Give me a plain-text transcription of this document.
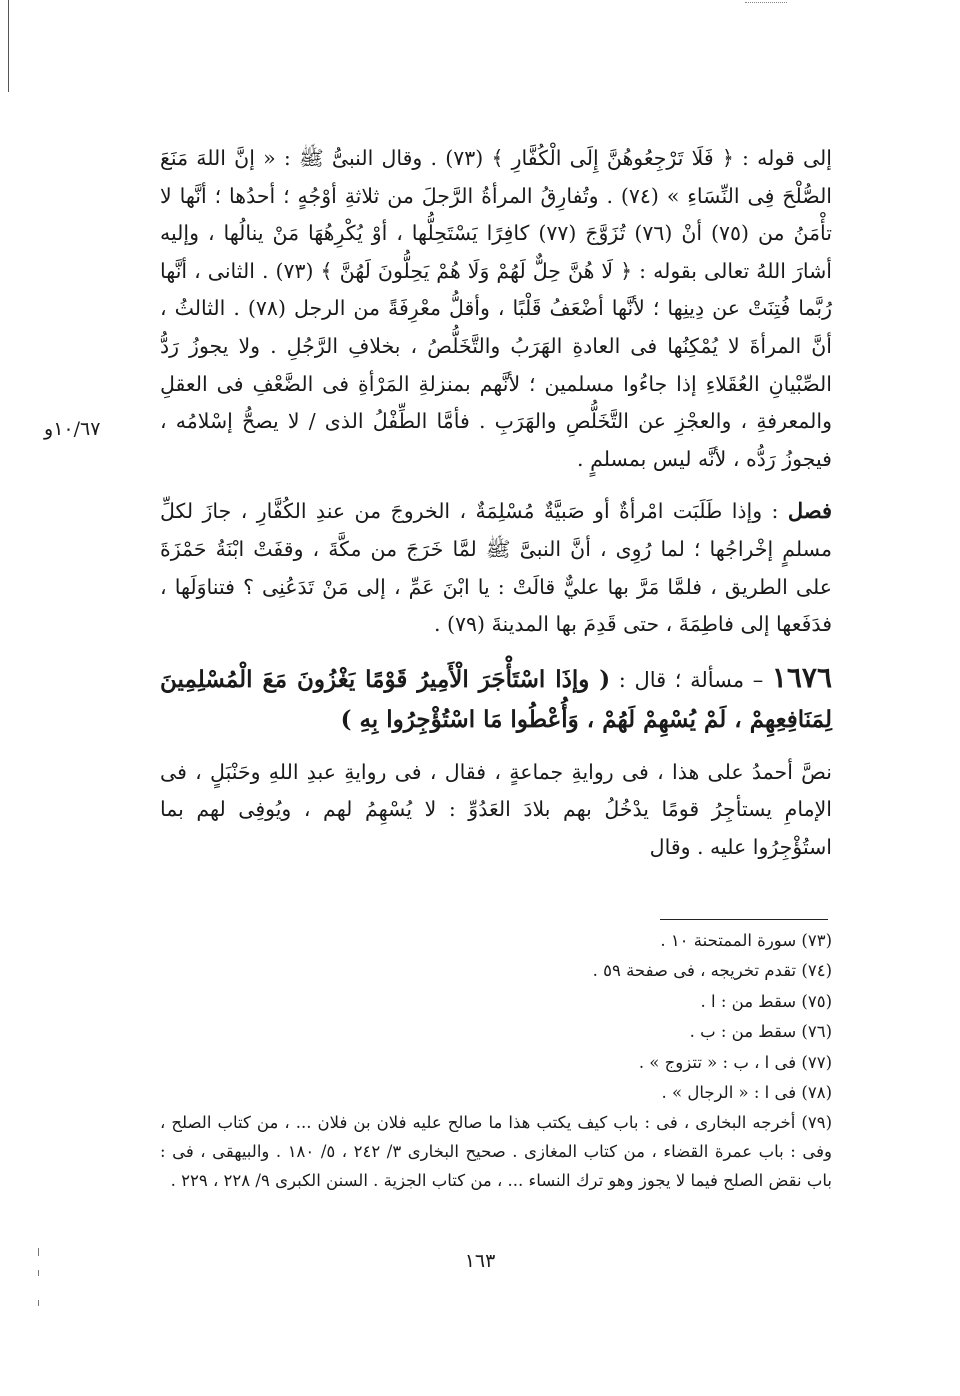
١٠/٦٧و

إلى قوله : ﴿ فَلَا تَرْجِعُوهُنَّ إِلَى الْكُفَّارِ ﴾ (٧٣) . وقال النبىُّ ﷺ : « إنَّ اللهَ مَنَعَ الصُّلْحَ فِى النِّسَاءِ » (٧٤) . وتُفارِقُ المرأةُ الرَّجلَ من ثلاثةِ أوْجُهٍ ؛ أحدُها ؛ أنَّها لا تأْمَنُ من (٧٥) أنْ (٧٦) تُزَوَّجَ (٧٧) كافِرًا يَسْتَحِلُّها ، أوْ يُكْرِهُهَا مَنْ ينالُها ، وإليه أشارَ اللهُ تعالى بقوله : ﴿ لَا هُنَّ حِلٌّ لَهُمْ وَلَا هُمْ يَحِلُّونَ لَهُنَّ ﴾ (٧٣) . الثانى ، أنَّها رُبَّما فُتِنَتْ عن دِينِها ؛ لأنَّها أضْعَفُ قَلْبًا ، وأقلُّ معْرِفَةً من الرجل (٧٨) . الثالثُ ، أنَّ المرأةَ لا يُمْكِنُها فى العادةِ الهَرَبُ والتَّخَلُّصُ ، بخلافِ الرَّجُلِ . ولا يجوزُ رَدُّ الصِّبْيانِ العُقَلاءِ إذا جاءُوا مسلمين ؛ لأنَّهم بمنزلةِ المَرْأةِ فى الضَّعْفِ فى العقلِ والمعرفةِ ، والعجْزِ عن التَّخَلُّصِ والهَرَبِ . فأمَّا الطِّفْلُ الذى / لا يصحُّ إسْلامُه ، فيجوزُ رَدُّه ، لأنَّه ليس بمسلمٍ .

فصل : وإذا طَلَبَت امْرأةٌ أو صَبيَّةٌ مُسْلِمَةٌ ، الخروجَ من عندِ الكُفَّارِ ، جازَ لكلِّ مسلمٍ إخْراجُها ؛ لما رُوِى ، أنَّ النبىَّ ﷺ لمَّا خَرَجَ من مكَّةَ ، وقفَتْ ابْنَةُ حَمْزَةَ على الطريق ، فلمَّا مَرَّ بها عليٌّ قالَتْ : يا ابْنَ عَمِّ ، إلى مَنْ تَدَعُنِى ؟ فتناوَلَها ، فدَفَعها إلى فاطِمَةَ ، حتى قَدِمَ بها المدينةَ (٧٩) .

١٦٧٦ – مسألة ؛ قال : ( وإذَا اسْتَأْجَرَ الْأَمِيرُ قَوْمًا يَغْزُونَ مَعَ الْمُسْلِمِينَ لِمَنَافِعِهِمْ ، لَمْ يُسْهِمْ لَهُمْ ، وَأُعْطُوا مَا اسْتُؤْجِرُوا بِهِ )

نصَّ أحمدُ على هذا ، فى روايةِ جماعةٍ ، فقال ، فى روايةِ عبدِ اللهِ وحَنْبَلٍ ، فى الإمامِ يستأجِرُ قومًا يدْخُلُ بهم بلادَ العَدُوِّ : لا يُسْهِمُ لهم ، ويُوفِى لهم بما استُؤْجِرُوا عليه . وقال

(٧٣) سورة الممتحنة ١٠ .

(٧٤) تقدم تخريجه ، فى صفحة ٥٩ .

(٧٥) سقط من : ا .

(٧٦) سقط من : ب .

(٧٧) فى ا ، ب : « تتزوج » .

(٧٨) فى ا : « الرجال » .

(٧٩) أخرجه البخارى ، فى : باب كيف يكتب هذا ما صالح عليه فلان بن فلان ... ، من كتاب الصلح ، وفى : باب عمرة القضاء ، من كتاب المغازى . صحيح البخارى ٣/ ٢٤٢ ، ٥/ ١٨٠ . والبيهقى ، فى : باب نقض الصلح فيما لا يجوز وهو ترك النساء ... ، من كتاب الجزية . السنن الكبرى ٩/ ٢٢٨ ، ٢٢٩ .

١٦٣
